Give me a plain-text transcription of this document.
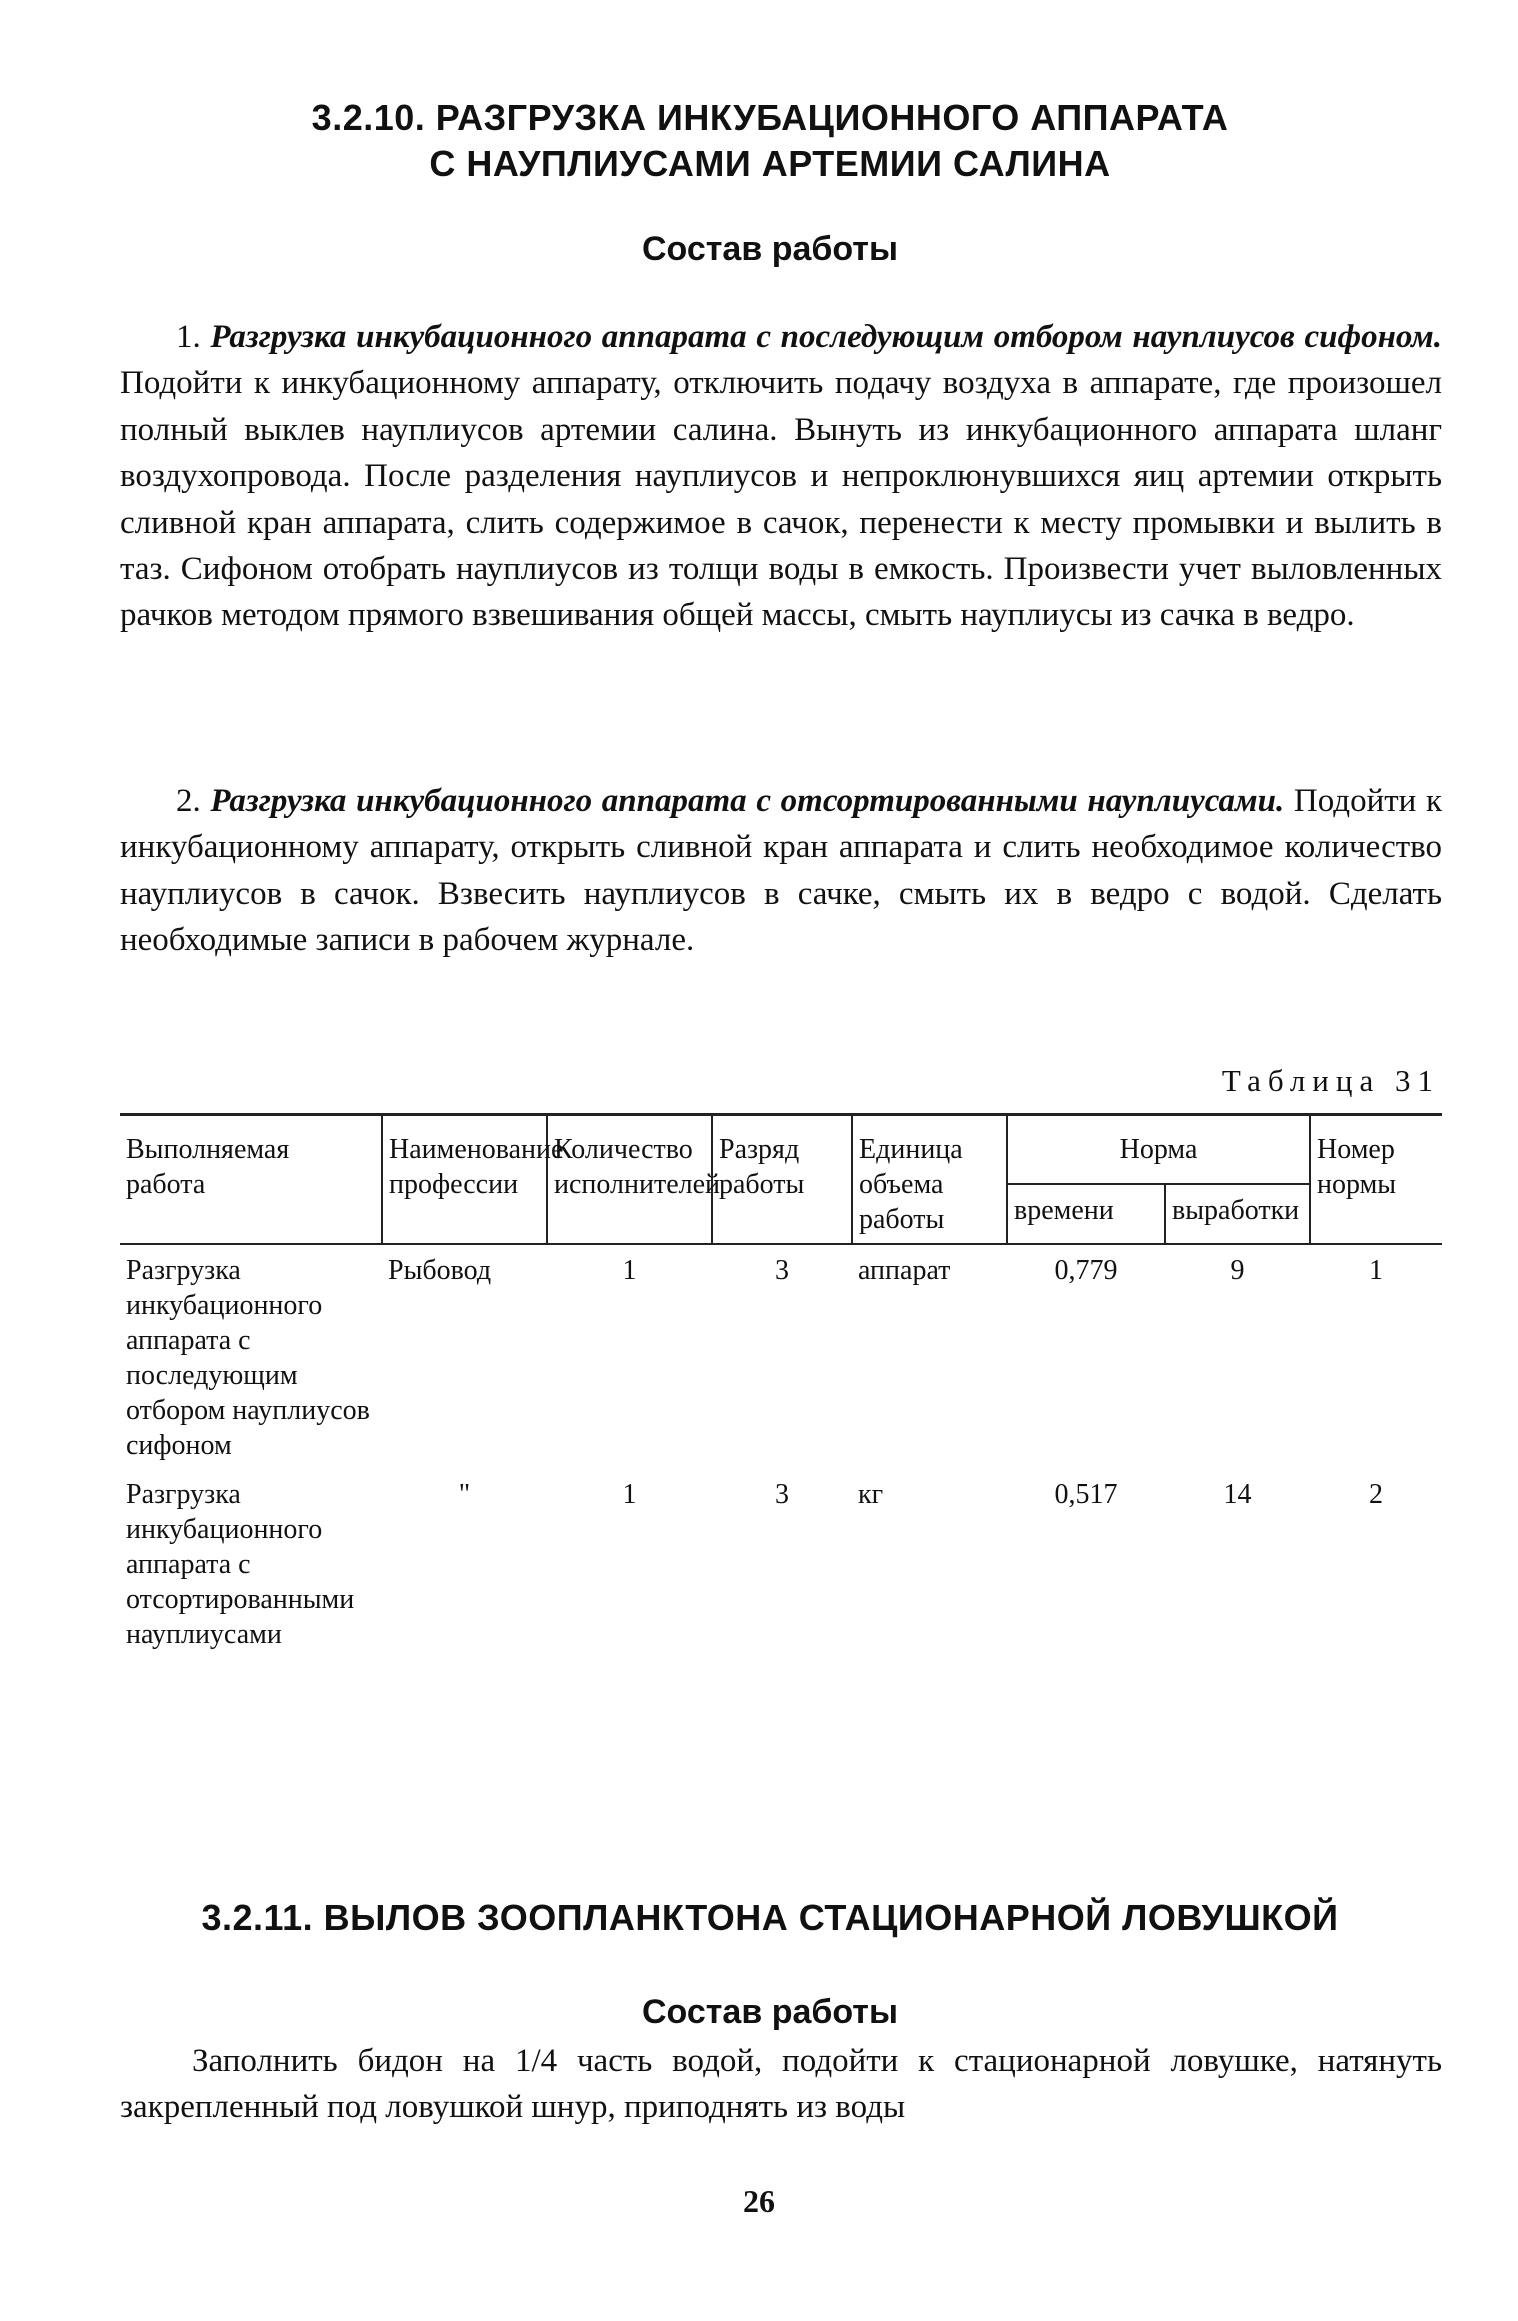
3.2.10. РАЗГРУЗКА ИНКУБАЦИОННОГО АППАРАТА
С НАУПЛИУСАМИ АРТЕМИИ САЛИНА
Состав работы
1. Разгрузка инкубационного аппарата с последующим отбором науплиусов сифоном. Подойти к инкубационному аппарату, отключить подачу воздуха в аппарате, где произошел полный выклев науплиусов артемии салина. Вынуть из инкубационного аппарата шланг воздухопровода. После разделения науплиусов и непроклюнувшихся яиц артемии открыть сливной кран аппарата, слить содержимое в сачок, перенести к месту промывки и вылить в таз. Сифоном отобрать науплиусов из толщи воды в емкость. Произвести учет выловленных рачков методом прямого взвешивания общей массы, смыть науплиусы из сачка в ведро.
2. Разгрузка инкубационного аппарата с отсортированными науплиусами. Подойти к инкубационному аппарату, открыть сливной кран аппарата и слить необходимое количество науплиусов в сачок. Взвесить науплиусов в сачке, смыть их в ведро с водой. Сделать необходимые записи в рабочем журнале.
Таблица 31
Выполняемая работа	Наименование профессии	Количество исполнителей	Разряд работы	Единица объема работы	Норма		Номер нормы
					времени	выработки	
Разгрузка инкубационного аппарата с последующим отбором науплиусов сифоном	Рыбовод	1	3	аппарат	0,779	9	1
Разгрузка инкубационного аппарата с отсортированными науплиусами	"	1	3	кг	0,517	14	2
3.2.11. ВЫЛОВ ЗООПЛАНКТОНА СТАЦИОНАРНОЙ ЛОВУШКОЙ
Состав работы
Заполнить бидон на 1/4 часть водой, подойти к стационарной ловушке, натянуть закрепленный под ловушкой шнур, приподнять из воды
26
